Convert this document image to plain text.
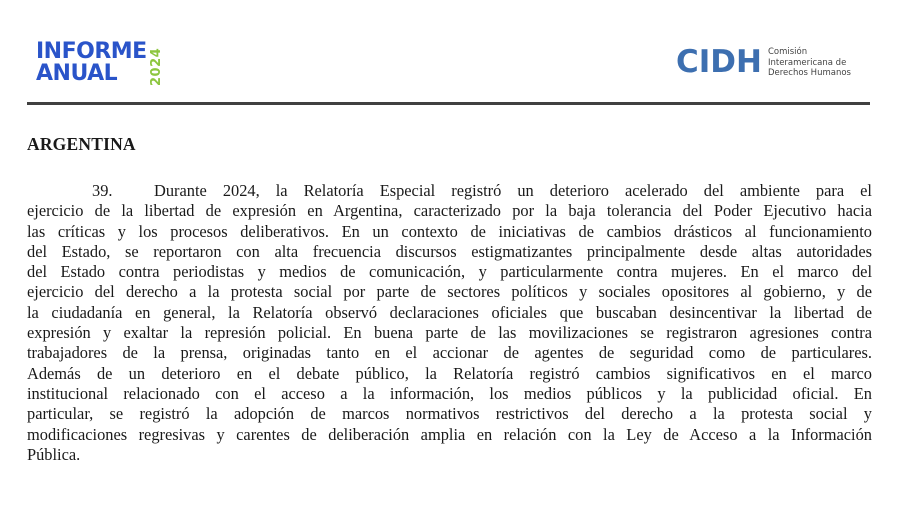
INFORME
ANUAL	2024	CIDH Comisión
Interamericana de
Derechos Humanos
ARGENTINA
39.	Durante 2024, la Relatoría Especial registró un deterioro acelerado del ambiente para el
ejercicio de la libertad de expresión en Argentina, caracterizado por la baja tolerancia del Poder Ejecutivo hacia
las críticas y los procesos deliberativos. En un contexto de iniciativas de cambios drásticos al funcionamiento
del Estado, se reportaron con alta frecuencia discursos estigmatizantes principalmente desde altas autoridades
del Estado contra periodistas y medios de comunicación, y particularmente contra mujeres. En el marco del
ejercicio del derecho a la protesta social por parte de sectores políticos y sociales opositores al gobierno, y de
la ciudadanía en general, la Relatoría observó declaraciones oficiales que buscaban desincentivar la libertad de
expresión y exaltar la represión policial. En buena parte de las movilizaciones se registraron agresiones contra
trabajadores de la prensa, originadas tanto en el accionar de agentes de seguridad como de particulares.
Además de un deterioro en el debate público, la Relatoría registró cambios significativos en el marco
institucional relacionado con el acceso a la información, los medios públicos y la publicidad oficial. En
particular, se registró la adopción de marcos normativos restrictivos del derecho a la protesta social y
modificaciones regresivas y carentes de deliberación amplia en relación con la Ley de Acceso a la Información
Pública.
